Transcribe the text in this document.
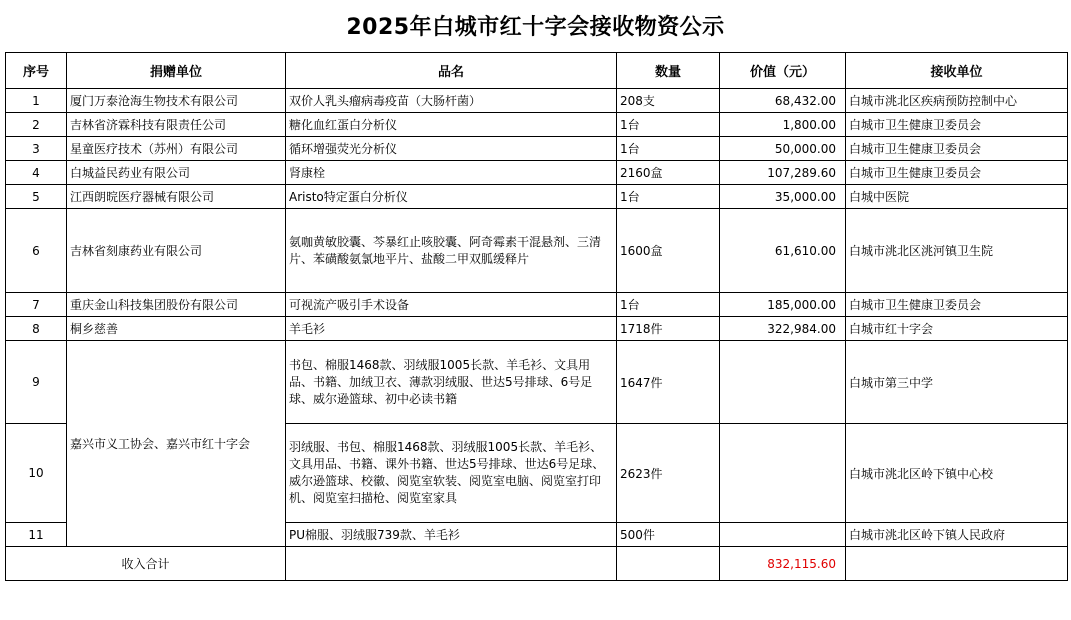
2025年白城市红十字会接收物资公示
序号	捐赠单位	品名	数量	价值（元）	接收单位
1	厦门万泰沧海生物技术有限公司	双价人乳头瘤病毒疫苗（大肠杆菌）	208支	68,432.00	白城市洮北区疾病预防控制中心
2	吉林省济霖科技有限责任公司	糖化血红蛋白分析仪	1台	1,800.00	白城市卫生健康卫委员会
3	星童医疗技术（苏州）有限公司	循环增强荧光分析仪	1台	50,000.00	白城市卫生健康卫委员会
4	白城益民药业有限公司	肾康栓	2160盒	107,289.60	白城市卫生健康卫委员会
5	江西朗晥医疗器械有限公司	Aristo特定蛋白分析仪	1台	35,000.00	白城中医院
6	吉林省刻康药业有限公司	氨咖黄敏胶囊、芩暴红止咳胶囊、阿奇霉素干混悬剂、三清片、苯磺酸氨氯地平片、盐酸二甲双胍缓释片	1600盒	61,610.00	白城市洮北区洮河镇卫生院
7	重庆金山科技集团股份有限公司	可视流产吸引手术设备	1台	185,000.00	白城市卫生健康卫委员会
8	桐乡慈善	羊毛衫	1718件	322,984.00	白城市红十字会
9	嘉兴市义工协会、嘉兴市红十字会	书包、棉服1468款、羽绒服1005长款、羊毛衫、文具用品、书籍、加绒卫衣、薄款羽绒服、世达5号排球、6号足球、威尔逊篮球、初中必读书籍	1647件		白城市第三中学
10		羽绒服、书包、棉服1468款、羽绒服1005长款、羊毛衫、文具用品、书籍、课外书籍、世达5号排球、世达6号足球、威尔逊篮球、校徽、阅览室软装、阅览室电脑、阅览室打印机、阅览室扫描枪、阅览室家具	2623件		白城市洮北区岭下镇中心校
11		PU棉服、羽绒服739款、羊毛衫	500件		白城市洮北区岭下镇人民政府
收入合计				832,115.60	
